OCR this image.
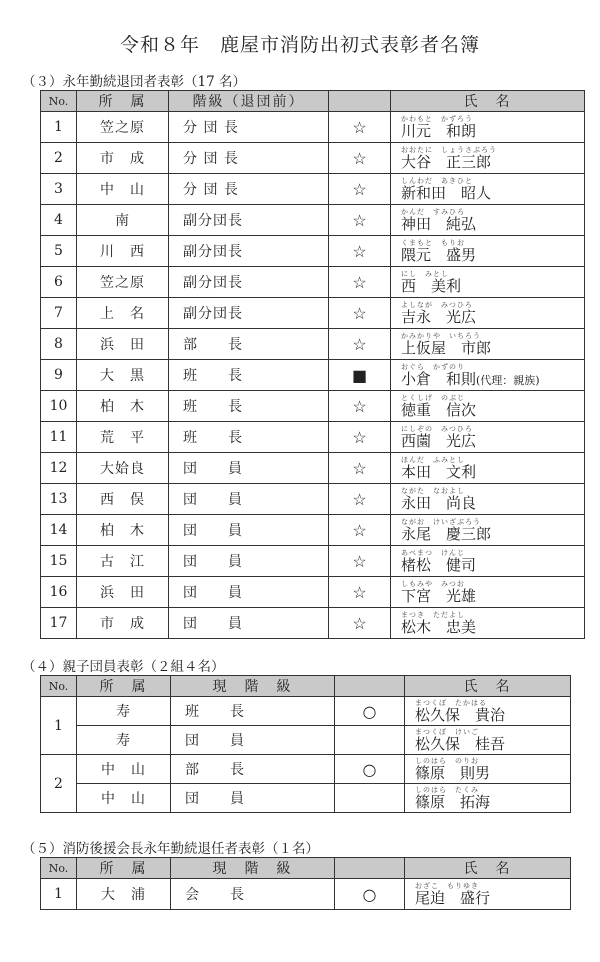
令和８年　鹿屋市消防出初式表彰者名簿
（３）永年勤続退団者表彰（17 名）
No.	所　属	階級（退団前）		氏　名
1	笠之原	分 団 長	☆	かわもと　かずろう
川元　和朗

2	市　成	分 団 長	☆	おおたに　しょうさぶろう
大谷　正三郎

3	中　山	分 団 長	☆	しんわだ　あきひと
新和田　昭人

4	南	副分団長	☆	かんだ　すみひろ
神田　純弘

5	川　西	副分団長	☆	くまもと　もりお
隈元　盛男

6	笠之原	副分団長	☆	にし　みとし
西　美利

7	上　名	副分団長	☆	よしなが　みつひろ
吉永　光広

8	浜　田	部　　長	☆	かみかりや　いちろう
上仮屋　市郎

9	大　黒	班　　長	■	おぐら　かずのり
小倉　和則(代理：親族)
10	柏　木	班　　長	☆	とくしげ　のぶじ
徳重　信次

11	荒　平	班　　長	☆	にしぞの　みつひろ
西薗　光広

12	大姶良	団　　員	☆	ほんだ　ふみとし
本田　文利

13	西　俣	団　　員	☆	ながた　なおよし
永田　尚良

14	柏　木	団　　員	☆	ながお　けいざぶろう
永尾　慶三郎

15	古　江	団　　員	☆	あべまつ　けんじ
楮松　健司

16	浜　田	団　　員	☆	しもみや　みつお
下宮　光雄

17	市　成	団　　員	☆	まつき　ただよし
松木　忠美
（４）親子団員表彰（２組４名）
No.	所　属	現　階　級		氏　名
1	寿	班　　長	○	まつくぼ　たかはる
松久保　貴治

	寿	団　　員		まつくぼ　けいご
松久保　桂吾

2	中　山	部　　長	○	しのはら　のりお
篠原　則男

	中　山	団　　員		しのはら　たくみ
篠原　拓海
（５）消防後援会長永年勤続退任者表彰（１名）
No.	所　属	現　階　級		氏　名
1	大　浦	会　　長	○	おざこ　もりゆき
尾迫　盛行
